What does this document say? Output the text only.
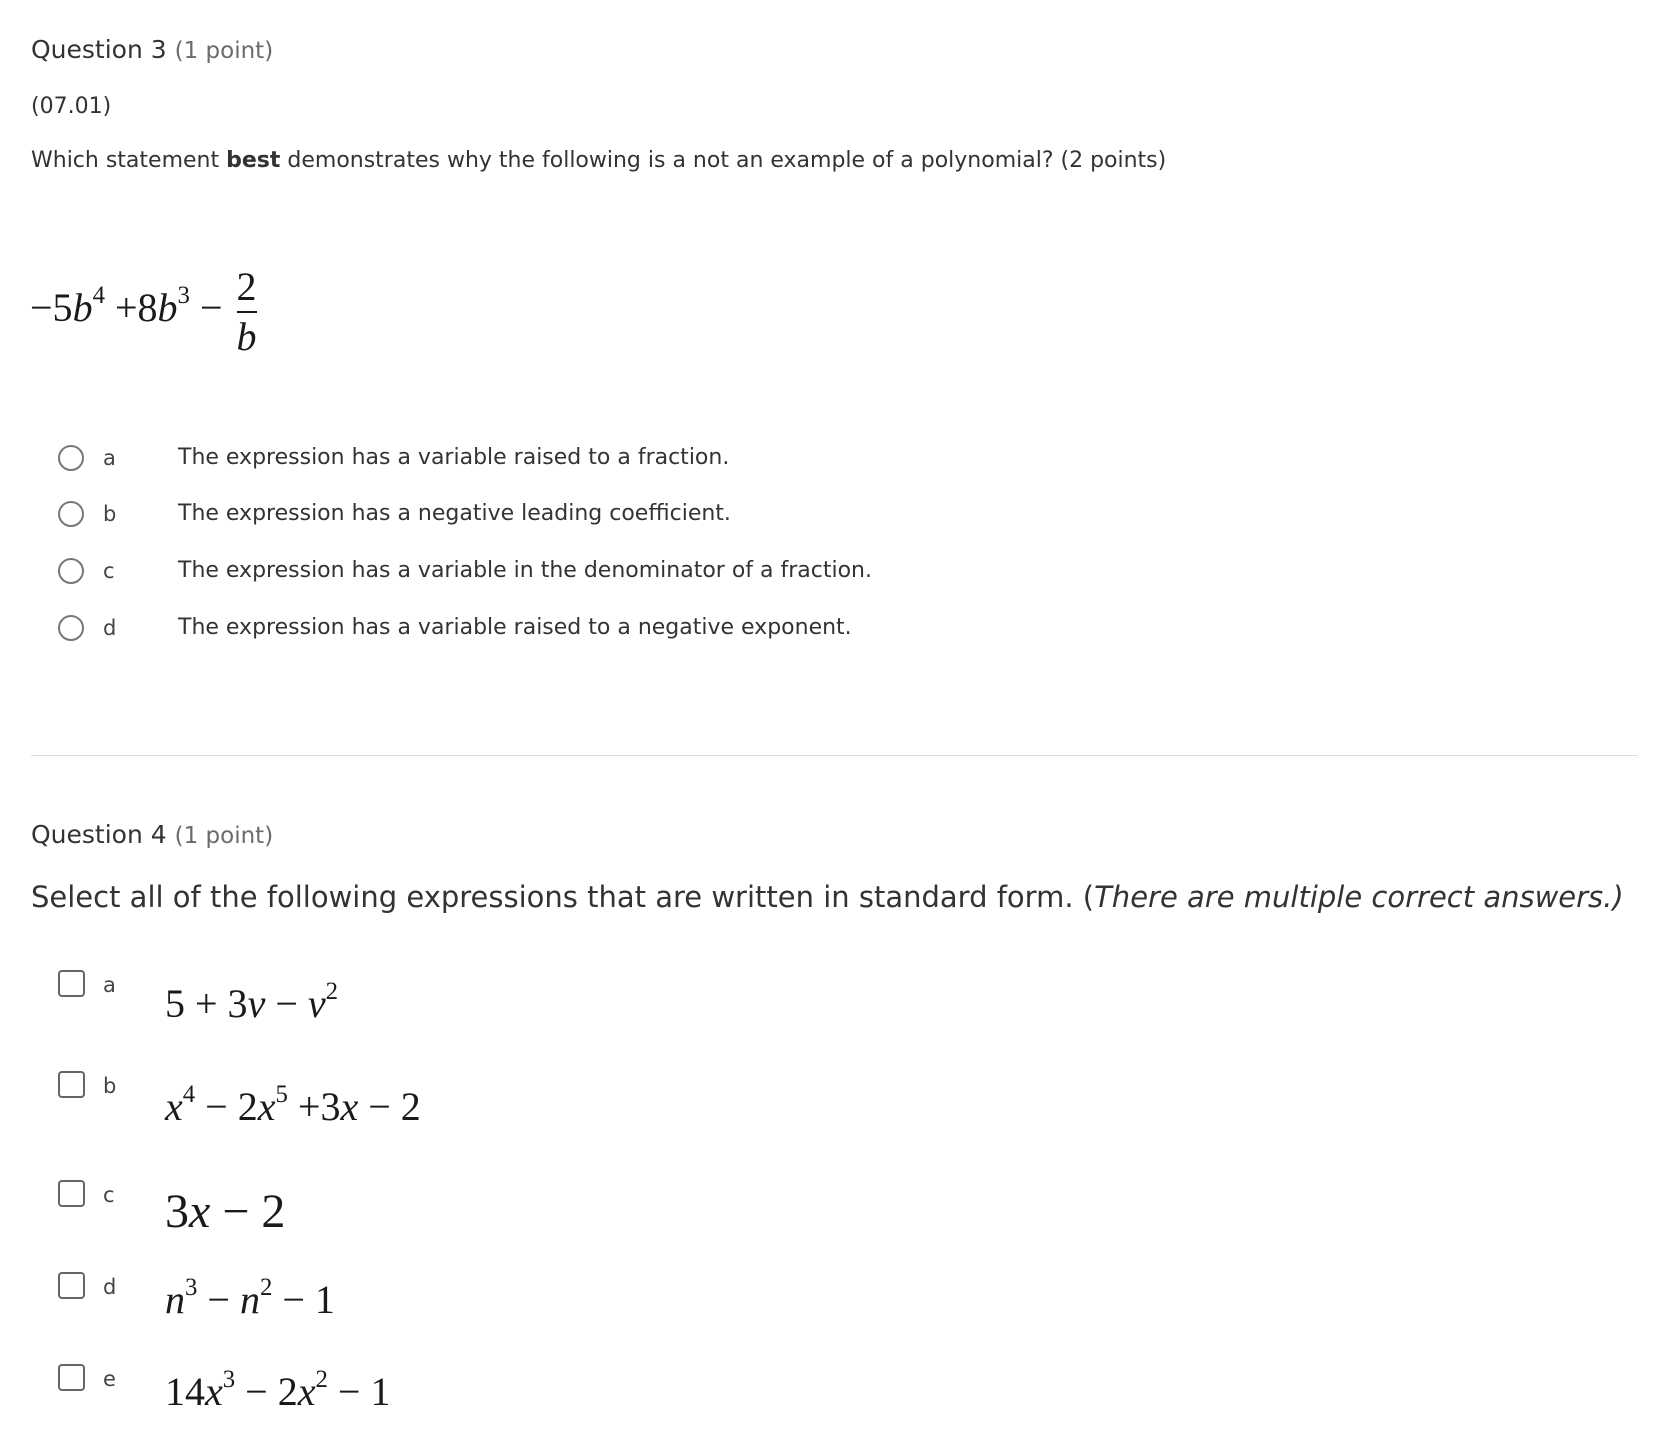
Question 3 (1 point)
(07.01)
Which statement best demonstrates why the following is a not an example of a polynomial? (2 points)
$-5b^4 +8b^3 - \frac{2}{b}$
a	The expression has a variable raised to a fraction.
b	The expression has a negative leading coefficient.
c	The expression has a variable in the denominator of a fraction.
d	The expression has a variable raised to a negative exponent.
Question 4 (1 point)
Select all of the following expressions that are written in standard form. (There are multiple correct answers.)
a $5 + 3v - v^2$
b $x^4 - 2x^5 +3x - 2$
c 3x − 2
d $n^3 - n^2 - 1$
e $14x^3 - 2x^2 - 1$
